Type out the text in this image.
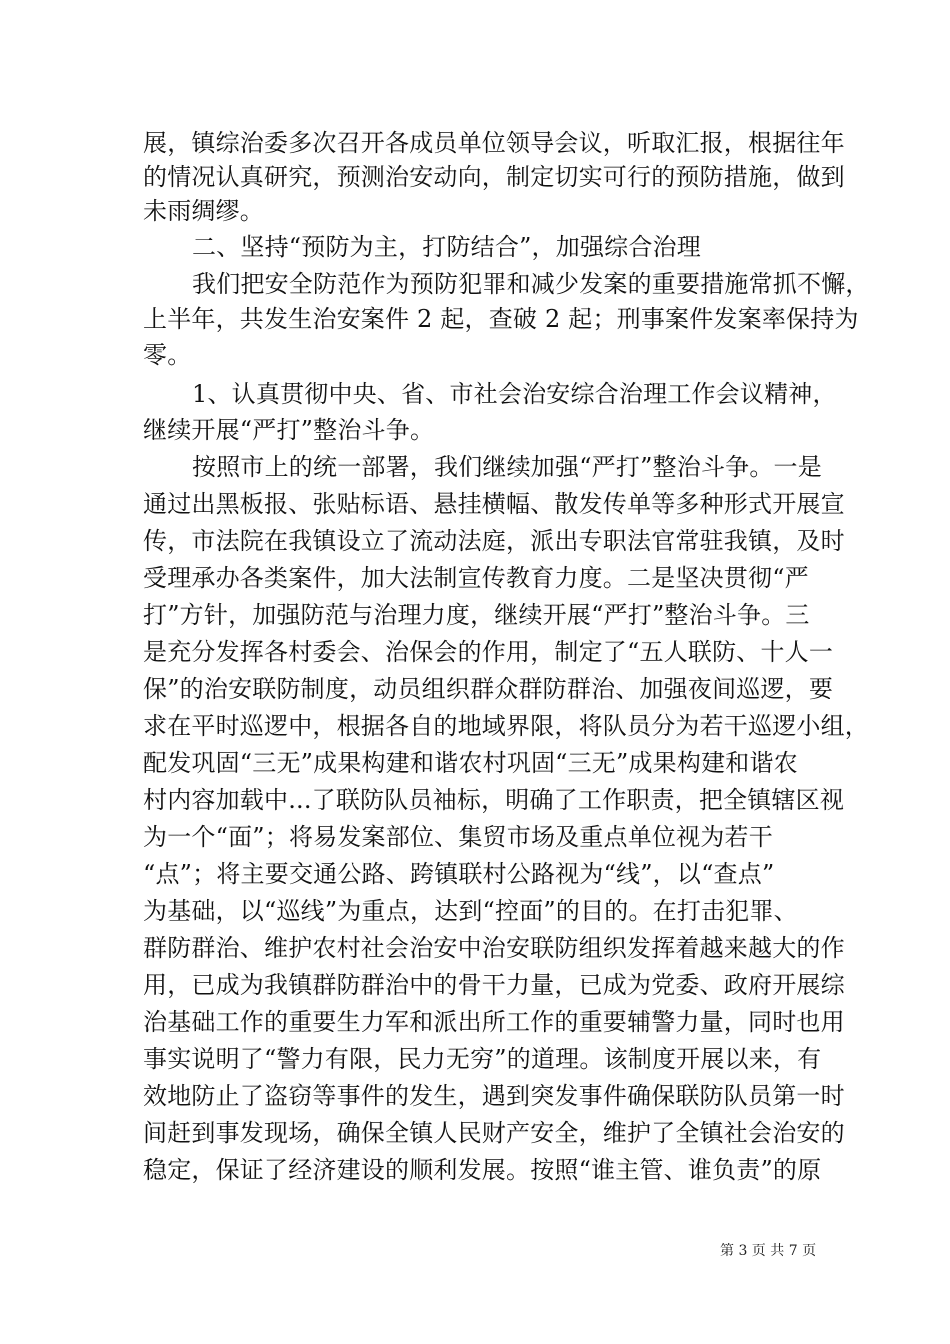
展，镇综治委多次召开各成员单位领导会议，听取汇报，根据往年
的情况认真研究，预测治安动向，制定切实可行的预防措施，做到
未雨绸缪。
二、坚持“预防为主，打防结合”，加强综合治理
我们把安全防范作为预防犯罪和减少发案的重要措施常抓不懈，
上半年，共发生治安案件 2 起，查破 2 起；刑事案件发案率保持为
零。
1、认真贯彻中央、省、市社会治安综合治理工作会议精神，
继续开展“严打”整治斗争。
按照市上的统一部署，我们继续加强“严打”整治斗争。一是
通过出黑板报、张贴标语、悬挂横幅、散发传单等多种形式开展宣
传，市法院在我镇设立了流动法庭，派出专职法官常驻我镇，及时
受理承办各类案件，加大法制宣传教育力度。二是坚决贯彻“严
打”方针，加强防范与治理力度，继续开展“严打”整治斗争。三
是充分发挥各村委会、治保会的作用，制定了“五人联防、十人一
保”的治安联防制度，动员组织群众群防群治、加强夜间巡逻，要
求在平时巡逻中，根据各自的地域界限，将队员分为若干巡逻小组，
配发巩固“三无”成果构建和谐农村巩固“三无”成果构建和谐农
村内容加载中...了联防队员袖标，明确了工作职责，把全镇辖区视
为一个“面”；将易发案部位、集贸市场及重点单位视为若干
“点”；将主要交通公路、跨镇联村公路视为“线”，以“查点”
为基础，以“巡线”为重点，达到“控面”的目的。在打击犯罪、
群防群治、维护农村社会治安中治安联防组织发挥着越来越大的作
用，已成为我镇群防群治中的骨干力量，已成为党委、政府开展综
治基础工作的重要生力军和派出所工作的重要辅警力量，同时也用
事实说明了“警力有限，民力无穷”的道理。该制度开展以来，有
效地防止了盗窃等事件的发生，遇到突发事件确保联防队员第一时
间赶到事发现场，确保全镇人民财产安全，维护了全镇社会治安的
稳定，保证了经济建设的顺利发展。按照“谁主管、谁负责”的原
第 3 页 共 7 页
